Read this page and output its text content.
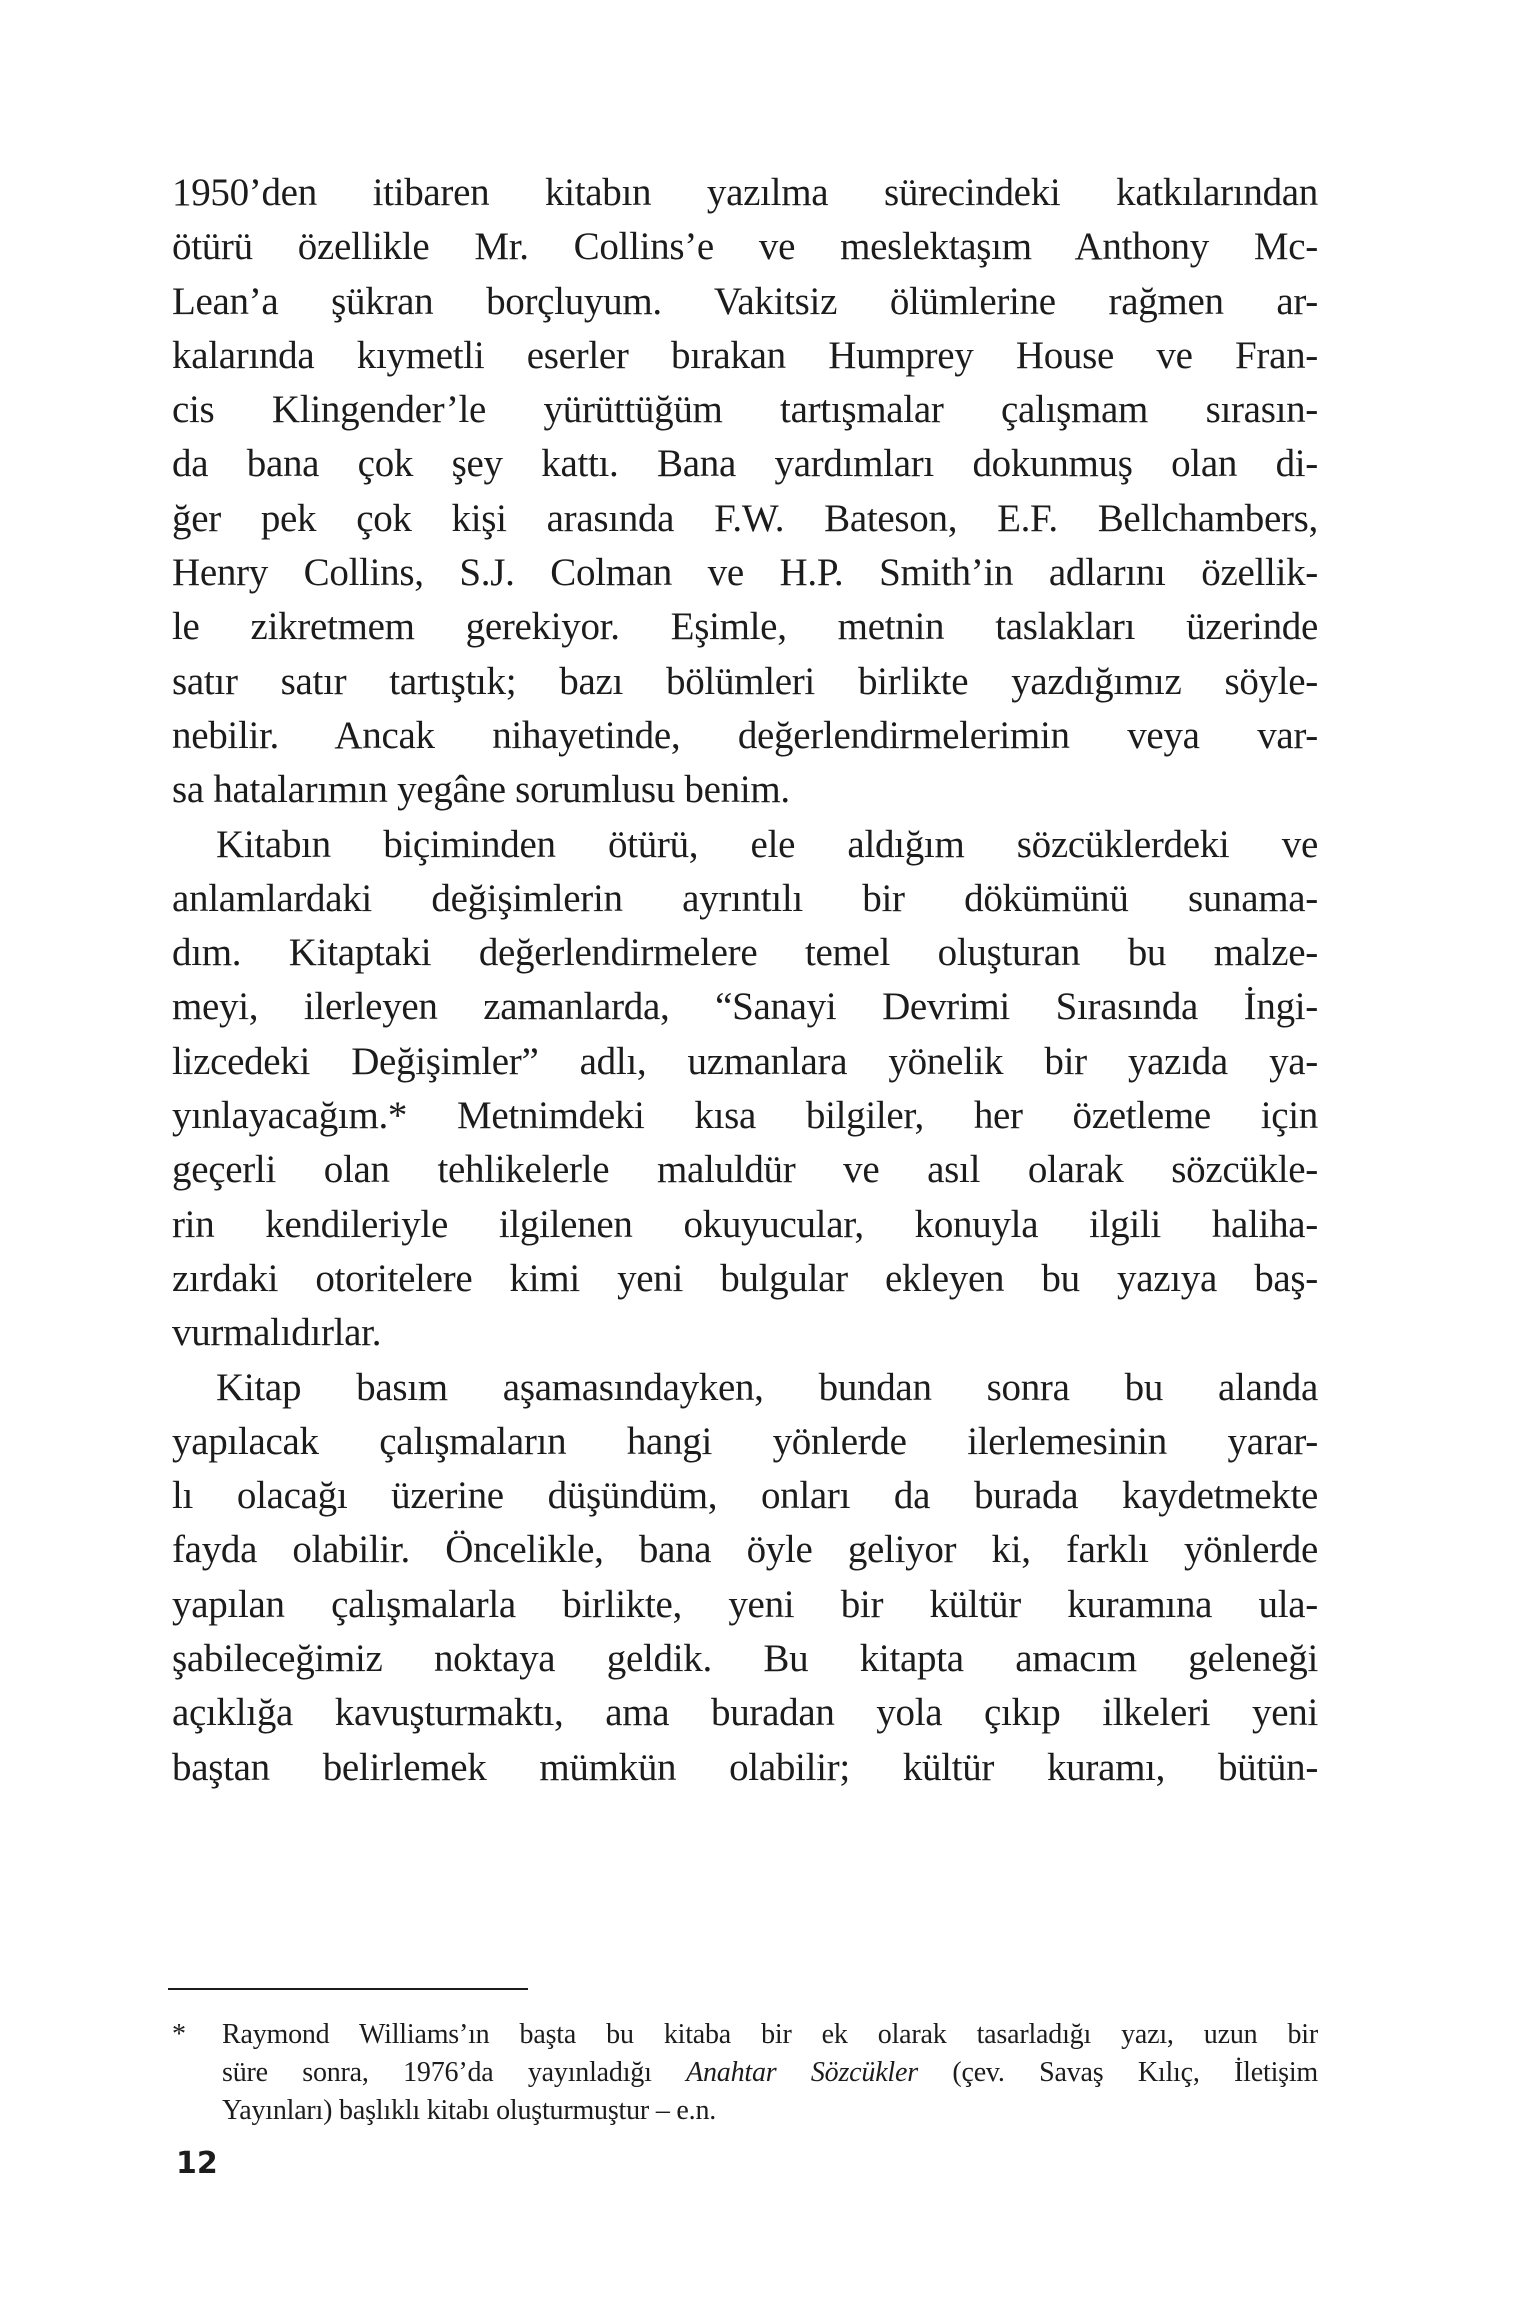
1950’den itibaren kitabın yazılma sürecindeki katkılarından
ötürü özellikle Mr. Collins’e ve meslektaşım Anthony Mc-
Lean’a şükran borçluyum. Vakitsiz ölümlerine rağmen ar-
kalarında kıymetli eserler bırakan Humprey House ve Fran-
cis Klingender’le yürüttüğüm tartışmalar çalışmam sırasın-
da bana çok şey kattı. Bana yardımları dokunmuş olan di-
ğer pek çok kişi arasında F.W. Bateson, E.F. Bellchambers,
Henry Collins, S.J. Colman ve H.P. Smith’in adlarını özellik-
le zikretmem gerekiyor. Eşimle, metnin taslakları üzerinde
satır satır tartıştık; bazı bölümleri birlikte yazdığımız söyle-
nebilir. Ancak nihayetinde, değerlendirmelerimin veya var-
sa hatalarımın yegâne sorumlusu benim.
Kitabın biçiminden ötürü, ele aldığım sözcüklerdeki ve
anlamlardaki değişimlerin ayrıntılı bir dökümünü sunama-
dım. Kitaptaki değerlendirmelere temel oluşturan bu malze-
meyi, ilerleyen zamanlarda, “Sanayi Devrimi Sırasında İngi-
lizcedeki Değişimler” adlı, uzmanlara yönelik bir yazıda ya-
yınlayacağım.* Metnimdeki kısa bilgiler, her özetleme için
geçerli olan tehlikelerle maluldür ve asıl olarak sözcükle-
rin kendileriyle ilgilenen okuyucular, konuyla ilgili haliha-
zırdaki otoritelere kimi yeni bulgular ekleyen bu yazıya baş-
vurmalıdırlar.
Kitap basım aşamasındayken, bundan sonra bu alanda
yapılacak çalışmaların hangi yönlerde ilerlemesinin yarar-
lı olacağı üzerine düşündüm, onları da burada kaydetmekte
fayda olabilir. Öncelikle, bana öyle geliyor ki, farklı yönlerde
yapılan çalışmalarla birlikte, yeni bir kültür kuramına ula-
şabileceğimiz noktaya geldik. Bu kitapta amacım geleneği
açıklığa kavuşturmaktı, ama buradan yola çıkıp ilkeleri yeni
baştan belirlemek mümkün olabilir; kültür kuramı, bütün-
* Raymond Williams’ın başta bu kitaba bir ek olarak tasarladığı yazı, uzun bir
süre sonra, 1976’da yayınladığı Anahtar Sözcükler (çev. Savaş Kılıç, İletişim
Yayınları) başlıklı kitabı oluşturmuştur – e.n.
12
